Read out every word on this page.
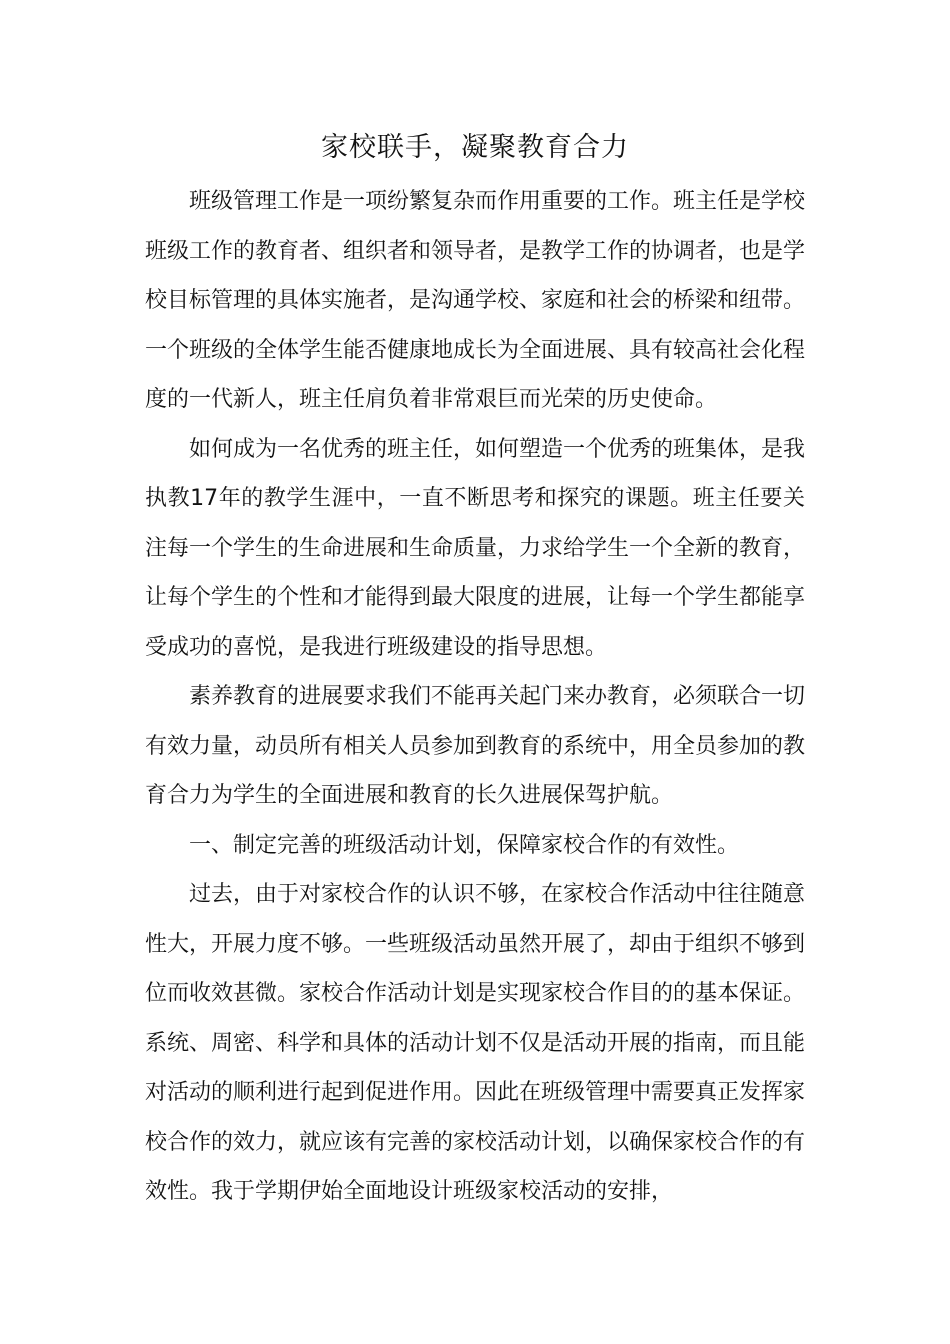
家校联手，凝聚教育合力

班级管理工作是一项纷繁复杂而作用重要的工作。班主任是学校班级工作的教育者、组织者和领导者，是教学工作的协调者，也是学校目标管理的具体实施者，是沟通学校、家庭和社会的桥梁和纽带。一个班级的全体学生能否健康地成长为全面进展、具有较高社会化程度的一代新人，班主任肩负着非常艰巨而光荣的历史使命。

如何成为一名优秀的班主任，如何塑造一个优秀的班集体，是我执教17年的教学生涯中，一直不断思考和探究的课题。班主任要关注每一个学生的生命进展和生命质量，力求给学生一个全新的教育，让每个学生的个性和才能得到最大限度的进展，让每一个学生都能享受成功的喜悦，是我进行班级建设的指导思想。

素养教育的进展要求我们不能再关起门来办教育，必须联合一切有效力量，动员所有相关人员参加到教育的系统中，用全员参加的教育合力为学生的全面进展和教育的长久进展保驾护航。

一、制定完善的班级活动计划，保障家校合作的有效性。

过去，由于对家校合作的认识不够，在家校合作活动中往往随意性大，开展力度不够。一些班级活动虽然开展了，却由于组织不够到位而收效甚微。家校合作活动计划是实现家校合作目的的基本保证。系统、周密、科学和具体的活动计划不仅是活动开展的指南，而且能对活动的顺利进行起到促进作用。因此在班级管理中需要真正发挥家校合作的效力，就应该有完善的家校活动计划，以确保家校合作的有效性。我于学期伊始全面地设计班级家校活动的安排，
